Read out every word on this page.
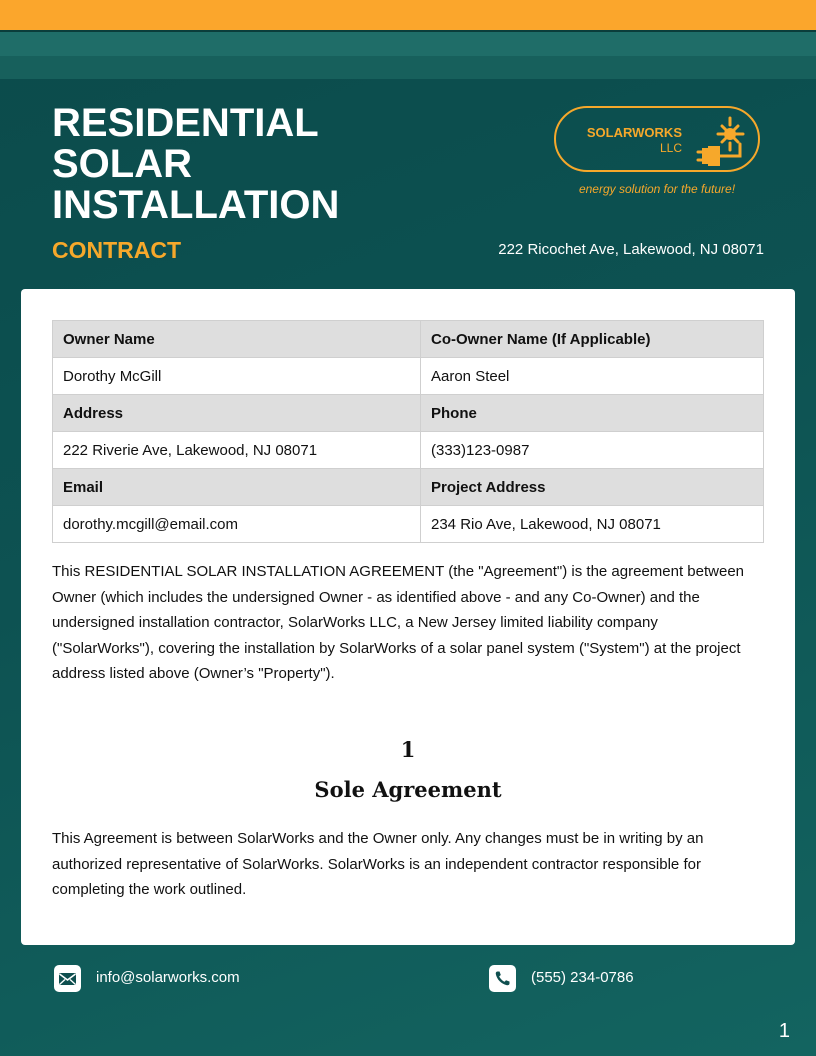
RESIDENTIAL
SOLAR
INSTALLATION
CONTRACT
SOLARWORKS
LLC
energy solution for the future!
222 Ricochet Ave, Lakewood, NJ 08071
Owner Name	Co-Owner Name (If Applicable)
Dorothy McGill	Aaron Steel
Address	Phone
222 Riverie Ave, Lakewood, NJ 08071	(333)123-0987
Email	Project Address
dorothy.mcgill@email.com	234 Rio Ave, Lakewood, NJ 08071

This RESIDENTIAL SOLAR INSTALLATION AGREEMENT (the "Agreement") is the agreement between Owner (which includes the undersigned Owner - as identified above - and any Co-Owner) and the undersigned installation contractor, SolarWorks LLC, a New Jersey limited liability company ("SolarWorks"), covering the installation by SolarWorks of a solar panel system ("System") at the project address listed above (Owner’s "Property").

1
Sole Agreement

This Agreement is between SolarWorks and the Owner only. Any changes must be in writing by an authorized representative of SolarWorks. SolarWorks is an independent contractor responsible for completing the work outlined.

info@solarworks.com	(555) 234-0786
1
